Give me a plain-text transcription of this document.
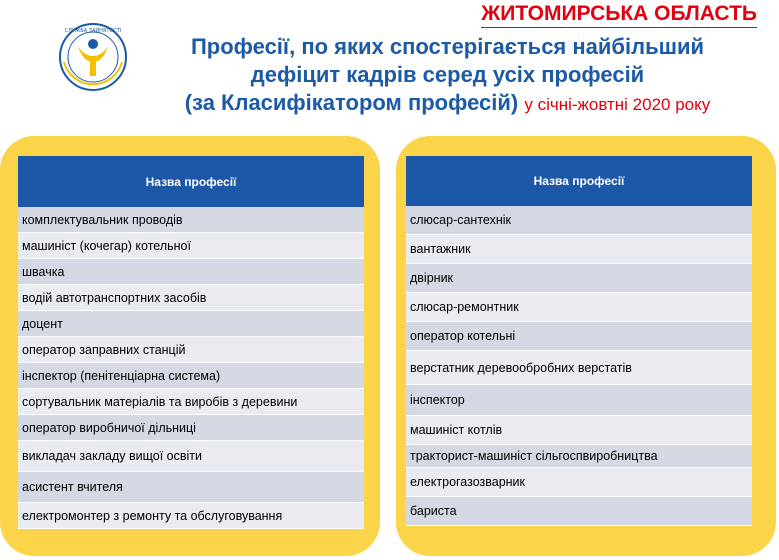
ЖИТОМИРСЬКА ОБЛАСТЬ
СЛУЖБА ЗАЙНЯТОСТІ
Професії, по яких спостерігається найбільший
дефіцит кадрів серед усіх професій
(за Класифікатором професій) у січні-жовтні 2020 року
Назва професії
комплектувальник проводів
машиніст (кочегар) котельної
швачка
водій автотранспортних засобів
доцент
оператор заправних станцій
інспектор (пенітенціарна система)
сортувальник матеріалів та виробів з деревини
оператор виробничої дільниці
викладач закладу вищої освіти
асистент вчителя
електромонтер з ремонту та обслуговування
Назва професії
слюсар-сантехнік
вантажник
двірник
слюсар-ремонтник
оператор котельні
верстатник деревообробних верстатів
інспектор
машиніст котлів
тракторист-машиніст сільгоспвиробництва
електрогазозварник
бариста
